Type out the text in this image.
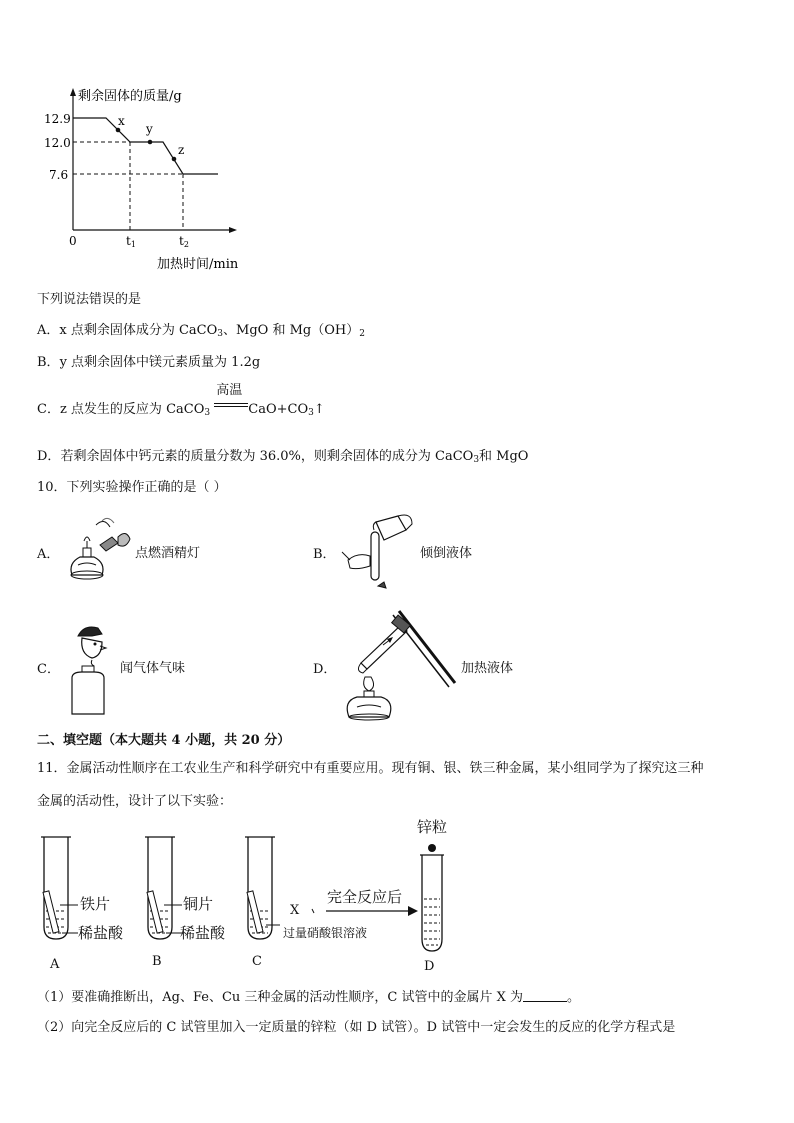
剩余固体的质量/g
12.9
12.0
7.6
0	t1	t2
x
y
z
加热时间/min
下列说法错误的是
A．x 点剩余固体成分为 CaCO$_3$、MgO 和 $Mg(OH)_2$
B．y 点剩余固体中镁元素质量为 1.2g
C．z 点发生的反应为 CaCO$_3$
高温
$CaO+CO_3↑$
D．若剩余固体中钙元素的质量分数为 36.0%，则剩余固体的成分为 CaCO$_3$和 MgO
10．下列实验操作正确的是（ ）
A．	点燃酒精灯	B．	倾倒液体
C．	闻气体气味	D．	加热液体
二、填空题（本大题共 4 小题，共 20 分）
11．金属活动性顺序在工农业生产和科学研究中有重要应用。现有铜、银、铁三种金属，某小组同学为了探究这三种
金属的活动性，设计了以下实验：
铁片
稀盐酸
A
铜片
稀盐酸
B
X
过量硝酸银溶液
C
完全反应后
锌粒
D
（1）要准确推断出，Ag、Fe、Cu 三种金属的活动性顺序，C 试管中的金属片 X 为	。
（2）向完全反应后的 C 试管里加入一定质量的锌粒（如 D 试管）。D 试管中一定会发生的反应的化学方程式是
